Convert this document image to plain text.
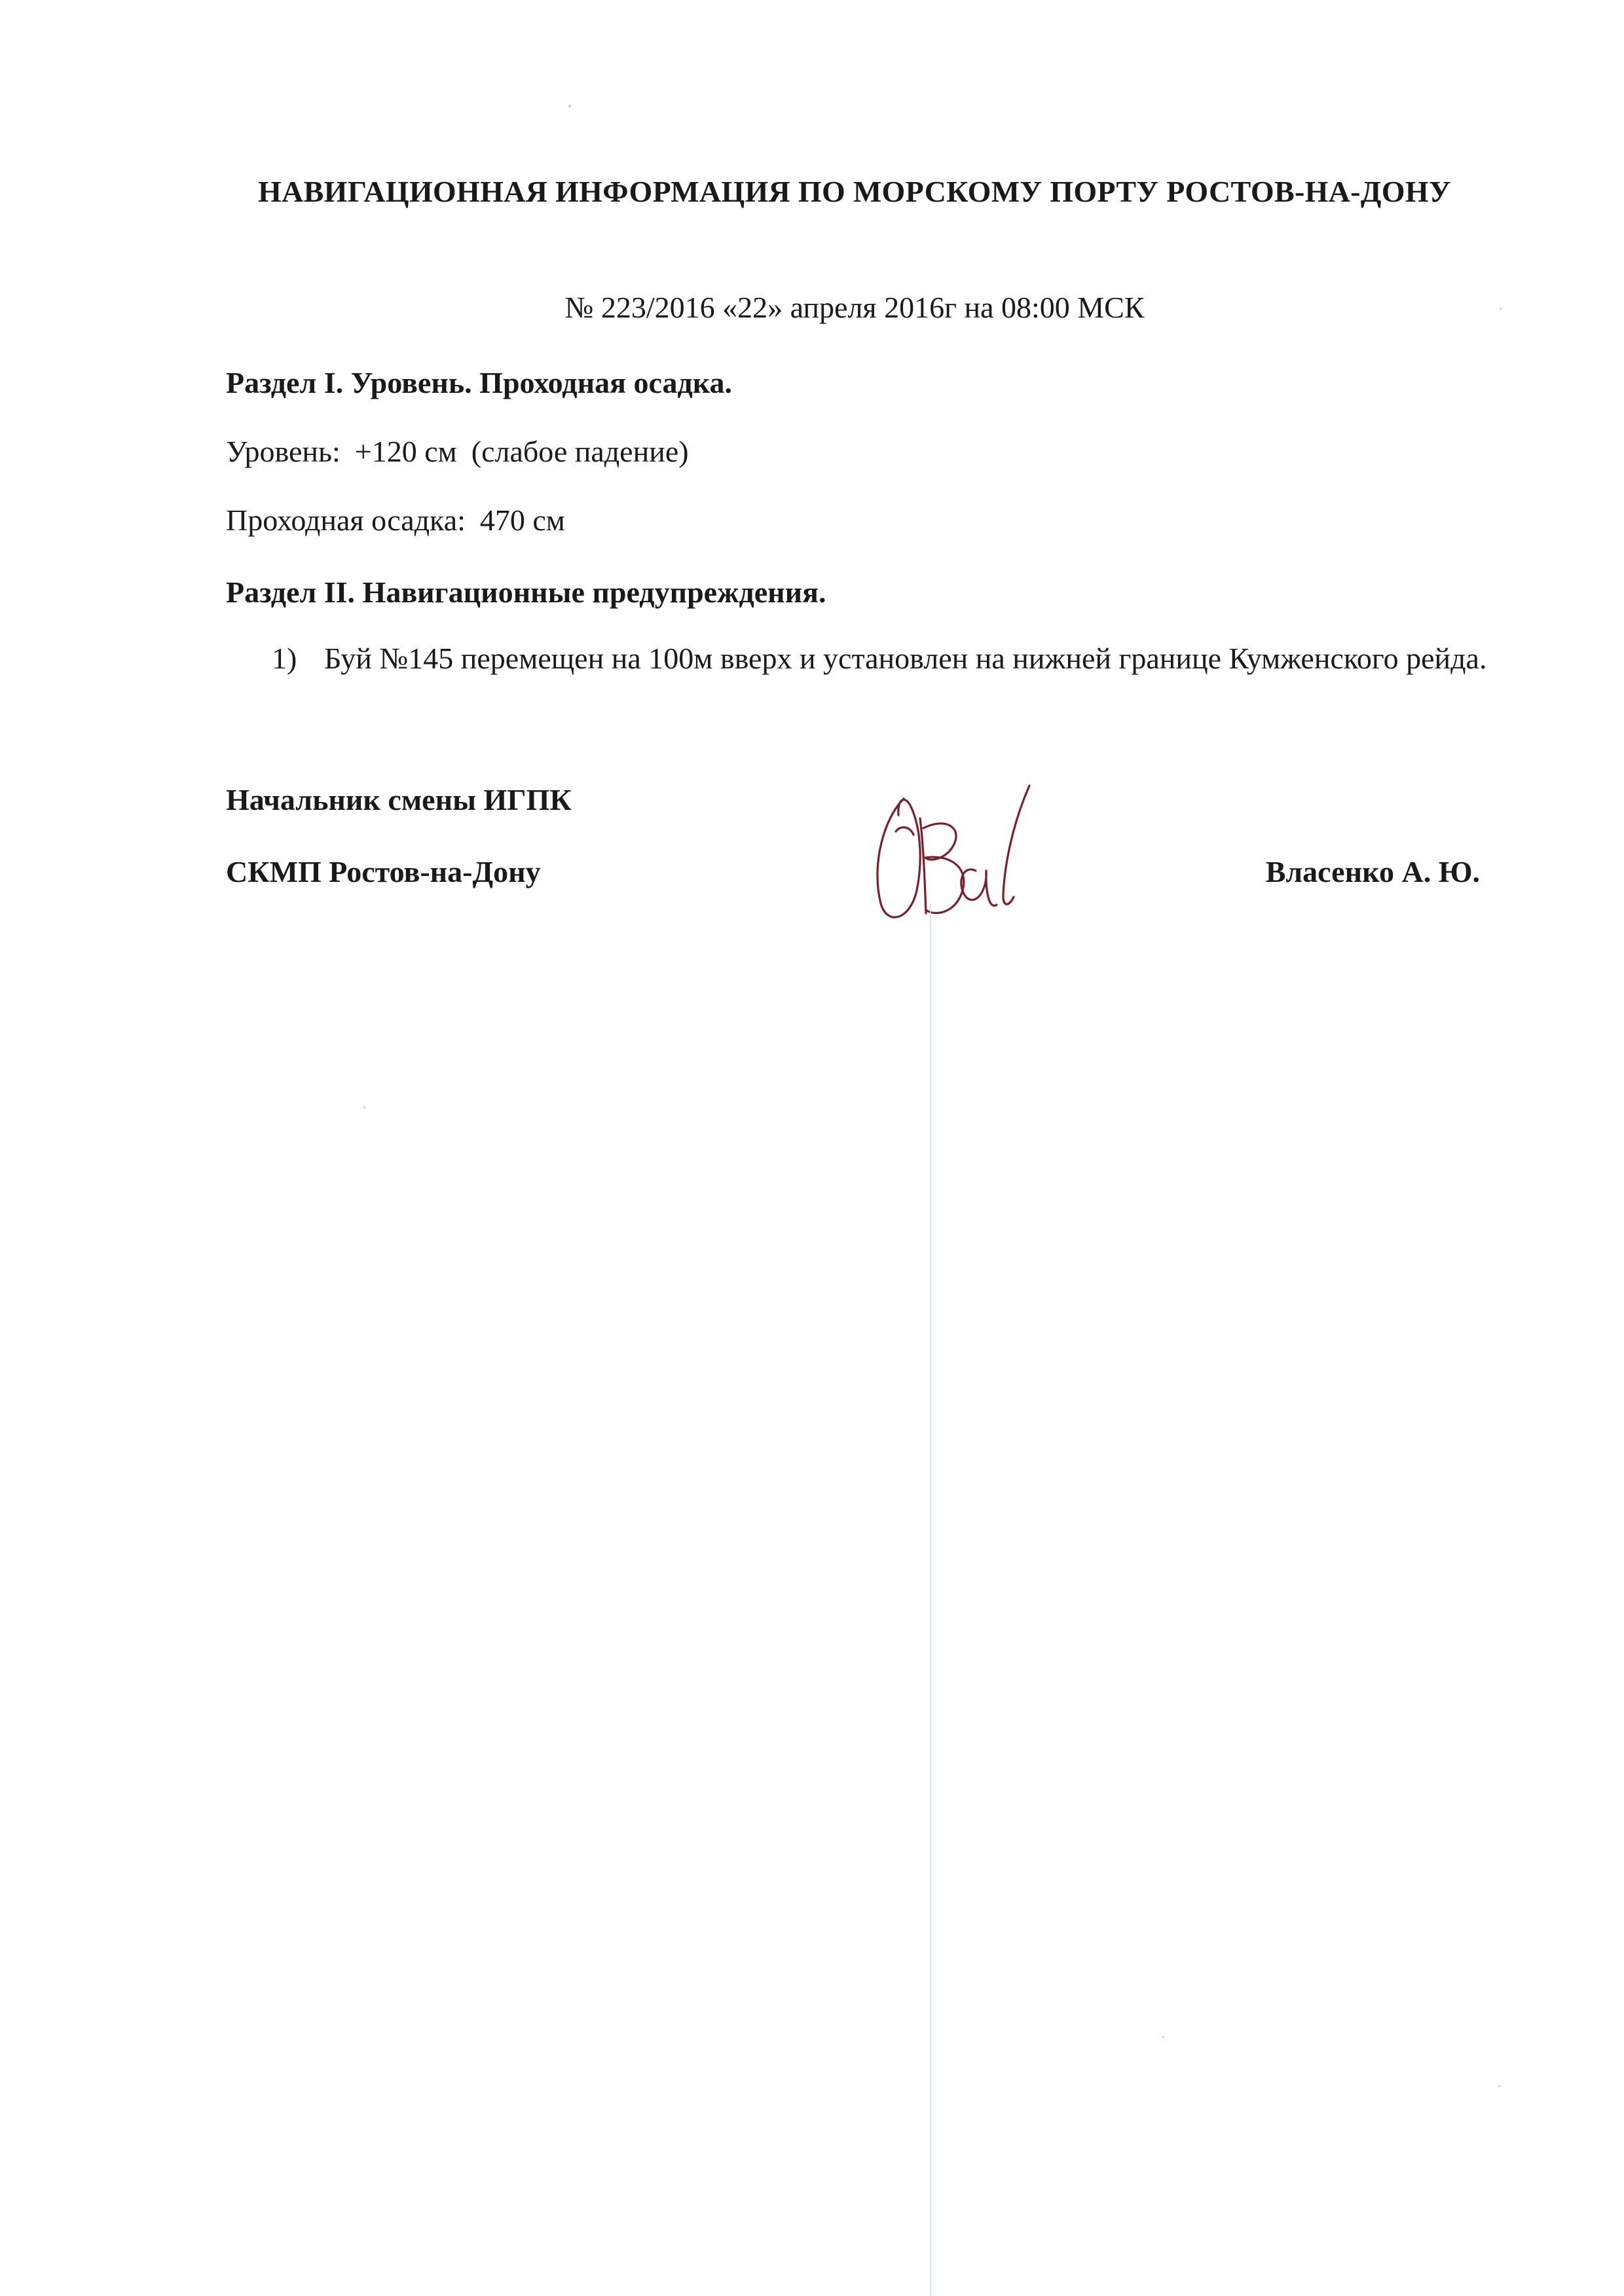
НАВИГАЦИОННАЯ ИНФОРМАЦИЯ ПО МОРСКОМУ ПОРТУ РОСТОВ-НА-ДОНУ
№ 223/2016 «22» апреля 2016г на 08:00 МСК
Раздел I. Уровень. Проходная осадка.
Уровень: +120 см (слабое падение)
Проходная осадка: 470 см
Раздел II. Навигационные предупреждения.
1) Буй №145 перемещен на 100м вверх и установлен на нижней границе Кумженского рейда.
Начальник смены ИГПК
СКМП Ростов-на-Дону	Власенко А. Ю.
